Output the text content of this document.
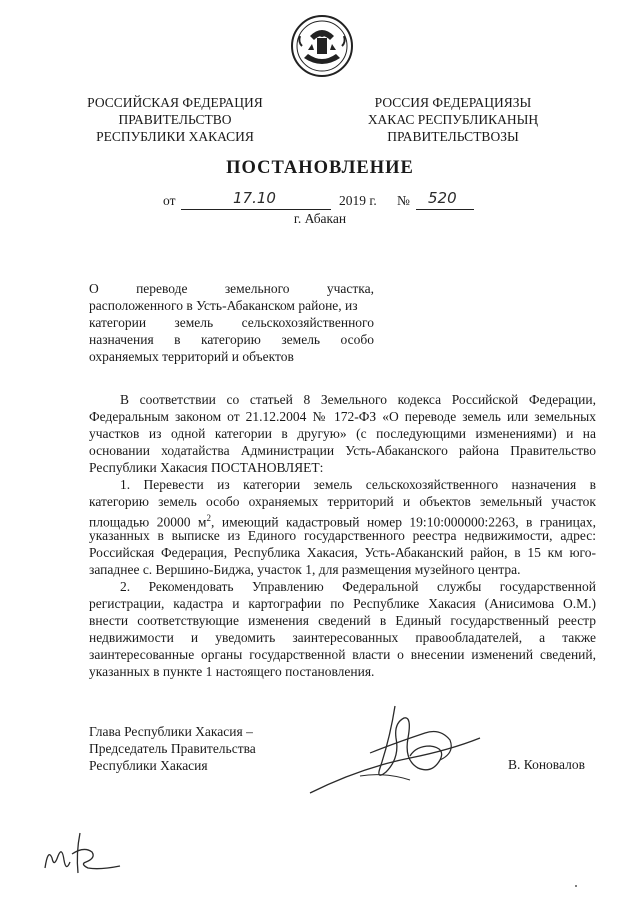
РОССИЙСКАЯ ФЕДЕРАЦИЯ
ПРАВИТЕЛЬСТВО
РЕСПУБЛИКИ ХАКАСИЯ
РОССИЯ ФЕДЕРАЦИЯЗЫ
ХАКАС РЕСПУБЛИКАНЫҢ
ПРАВИТЕЛЬСТВОЗЫ
ПОСТАНОВЛЕНИЕ
от	17.10	2019 г. № 520
г. Абакан
О переводе земельного участка,
расположенного в Усть-Абаканском районе, из
категории земель сельскохозяйственного
назначения в категорию земель особо
охраняемых территорий и объектов
В соответствии со статьей 8 Земельного кодекса Российской Федерации,
Федеральным законом от 21.12.2004 № 172-ФЗ «О переводе земель или земельных
участков из одной категории в другую» (с последующими изменениями) и на
основании ходатайства Администрации Усть-Абаканского района Правительство
Республики Хакасия ПОСТАНОВЛЯЕТ:
1. Перевести из категории земель сельскохозяйственного назначения в
категорию земель особо охраняемых территорий и объектов земельный участок
площадью 20000 $м^2$, имеющий кадастровый номер 19:10:000000:2263, в границах,
указанных в выписке из Единого государственного реестра недвижимости, адрес:
Российская Федерация, Республика Хакасия, Усть-Абаканский район, в 15 км юго-
западнее с. Вершино-Биджа, участок 1, для размещения музейного центра.
2. Рекомендовать Управлению Федеральной службы государственной
регистрации, кадастра и картографии по Республике Хакасия (Анисимова О.М.)
внести соответствующие изменения сведений в Единый государственный реестр
недвижимости и уведомить заинтересованных правообладателей, а также
заинтересованные органы государственной власти о внесении изменений сведений,
указанных в пункте 1 настоящего постановления.
Глава Республики Хакасия –
Председатель Правительства
Республики Хакасия	В. Коновалов
